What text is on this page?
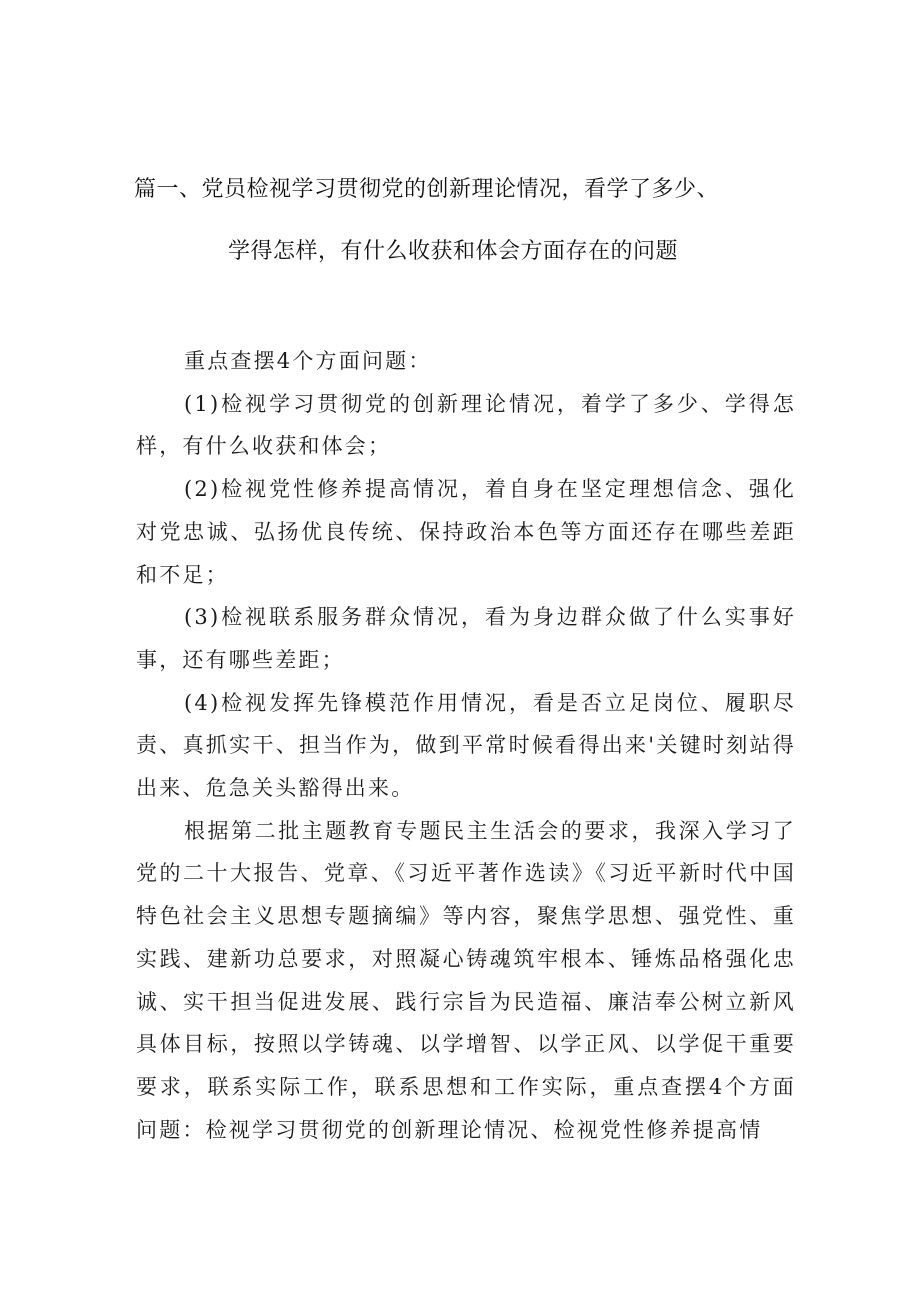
篇一、党员检视学习贯彻党的创新理论情况，看学了多少、
学得怎样，有什么收获和体会方面存在的问题

重点查摆4个方面问题：

(1)检视学习贯彻党的创新理论情况，着学了多少、学得怎样，有什么收获和体会；

(2)检视党性修养提高情况，着自身在坚定理想信念、强化对党忠诚、弘扬优良传统、保持政治本色等方面还存在哪些差距和不足；

(3)检视联系服务群众情况，看为身边群众做了什么实事好事，还有哪些差距；

(4)检视发挥先锋模范作用情况，看是否立足岗位、履职尽责、真抓实干、担当作为，做到平常时候看得出来'关键时刻站得出来、危急关头豁得出来。

根据第二批主题教育专题民主生活会的要求，我深入学习了党的二十大报告、党章、《习近平著作选读》《习近平新时代中国特色社会主义思想专题摘编》等内容，聚焦学思想、强党性、重实践、建新功总要求，对照凝心铸魂筑牢根本、锤炼品格强化忠诚、实干担当促进发展、践行宗旨为民造福、廉洁奉公树立新风具体目标，按照以学铸魂、以学增智、以学正风、以学促干重要要求，联系实际工作，联系思想和工作实际，重点查摆4个方面问题：检视学习贯彻党的创新理论情况、检视党性修养提高情
